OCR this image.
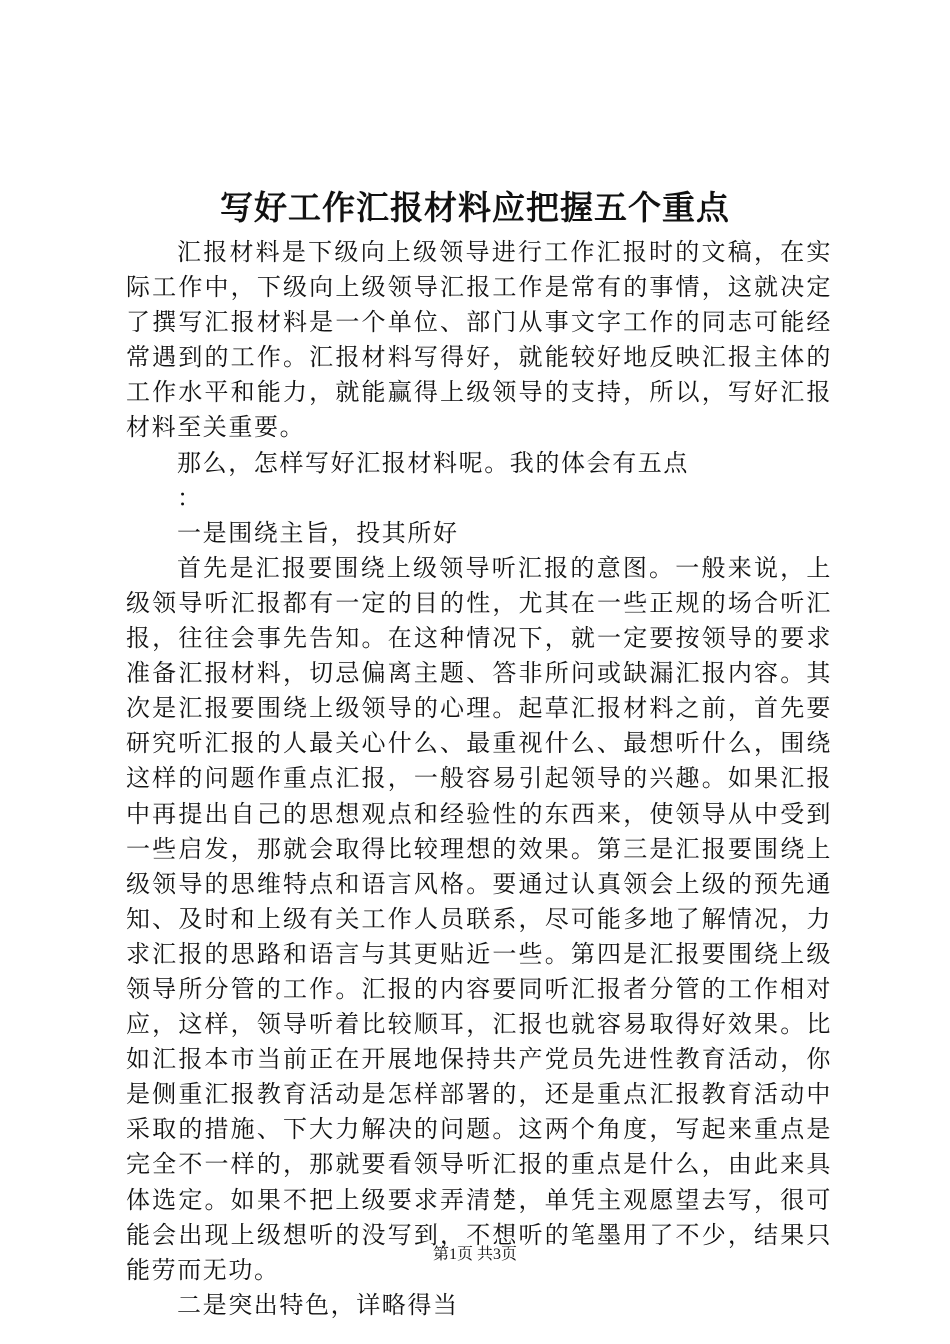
写好工作汇报材料应把握五个重点

汇报材料是下级向上级领导进行工作汇报时的文稿，在实际工作中，下级向上级领导汇报工作是常有的事情，这就决定了撰写汇报材料是一个单位、部门从事文字工作的同志可能经常遇到的工作。汇报材料写得好，就能较好地反映汇报主体的工作水平和能力，就能赢得上级领导的支持，所以，写好汇报材料至关重要。

那么，怎样写好汇报材料呢。我的体会有五点

：

一是围绕主旨，投其所好

首先是汇报要围绕上级领导听汇报的意图。一般来说，上级领导听汇报都有一定的目的性，尤其在一些正规的场合听汇报，往往会事先告知。在这种情况下，就一定要按领导的要求准备汇报材料，切忌偏离主题、答非所问或缺漏汇报内容。其次是汇报要围绕上级领导的心理。起草汇报材料之前，首先要研究听汇报的人最关心什么、最重视什么、最想听什么，围绕这样的问题作重点汇报，一般容易引起领导的兴趣。如果汇报中再提出自己的思想观点和经验性的东西来，使领导从中受到一些启发，那就会取得比较理想的效果。第三是汇报要围绕上级领导的思维特点和语言风格。要通过认真领会上级的预先通知、及时和上级有关工作人员联系，尽可能多地了解情况，力求汇报的思路和语言与其更贴近一些。第四是汇报要围绕上级领导所分管的工作。汇报的内容要同听汇报者分管的工作相对应，这样，领导听着比较顺耳，汇报也就容易取得好效果。比如汇报本市当前正在开展地保持共产党员先进性教育活动，你是侧重汇报教育活动是怎样部署的，还是重点汇报教育活动中采取的措施、下大力解决的问题。这两个角度，写起来重点是完全不一样的，那就要看领导听汇报的重点是什么，由此来具体选定。如果不把上级要求弄清楚，单凭主观愿望去写，很可能会出现上级想听的没写到，不想听的笔墨用了不少，结果只能劳而无功。

二是突出特色，详略得当

第1页 共3页
